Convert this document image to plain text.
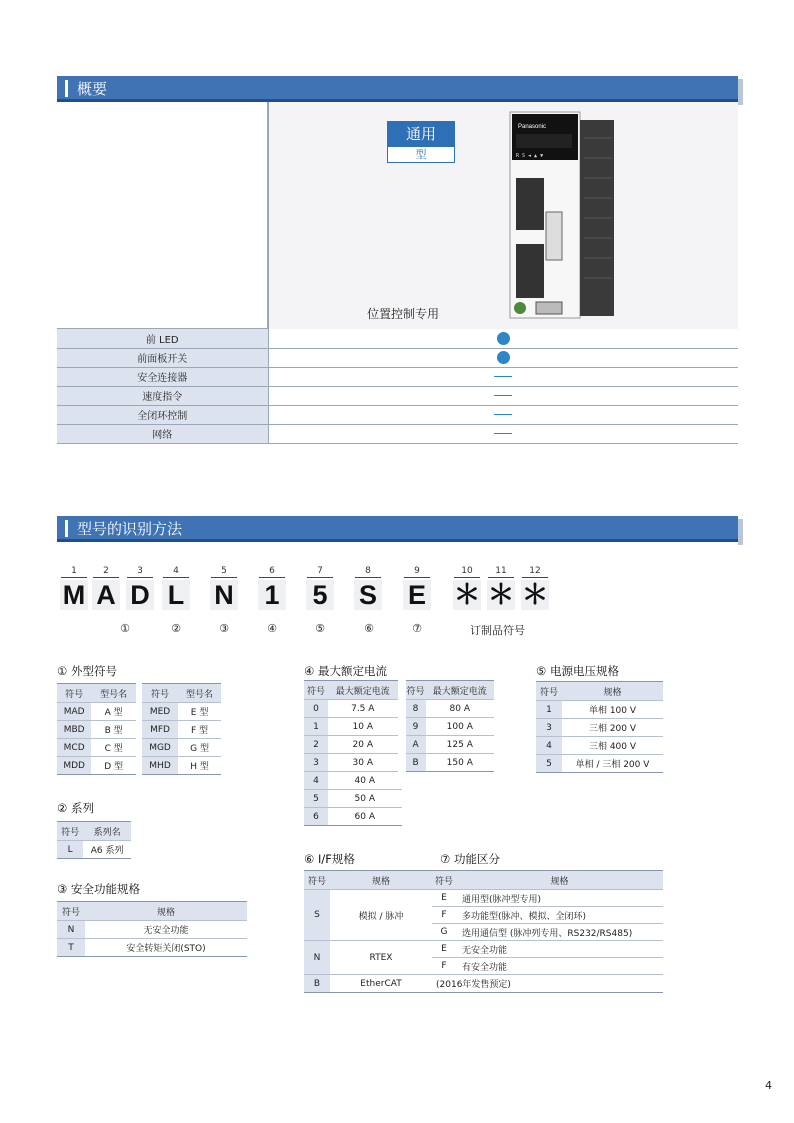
概要
通用
型
Panasonic
R S ◄ ▲ ▼
位置控制专用
前 LED	
前面板开关	
安全连接器	
速度指令	
全闭环控制	
网络	
型号的识别方法
1
M
2
A
3
D
4
L
5
N
6
1
7
5
8
S
9
E
10
＊
11
＊
12
＊
①	②	③	④	⑤	⑥	⑦	订制品符号
① 外型符号
符号	型号名	符号	型号名
MAD	A 型	MED	E 型
MBD	B 型	MFD	F 型
MCD	C 型	MGD	G 型
MDD	D 型	MHD	H 型
② 系列
符号	系列名
L	A6 系列
③ 安全功能规格
符号	规格
N	无安全功能
T	安全转矩关闭(STO)
④ 最大额定电流
符号	最大额定电流	符号	最大额定电流
0	7.5 A	8	80 A
1	10 A	9	100 A
2	20 A	A	125 A
3	30 A	B	150 A
4	40 A		
5	50 A		
6	60 A		
⑤ 电源电压规格
符号	规格
1	单相 100 V
3	三相 200 V
4	三相 400 V
5	单相 / 三相 200 V
⑥ I/F规格	⑦ 功能区分
符号	规格	符号	规格
S	模拟 / 脉冲	E	通用型(脉冲型专用)
		F	多功能型(脉冲、模拟、全闭环)
		G	选用通信型 (脉冲列专用、RS232/RS485)
N	RTEX	E	无安全功能
		F	有安全功能
B	EtherCAT	(2016年发售预定)	
4
